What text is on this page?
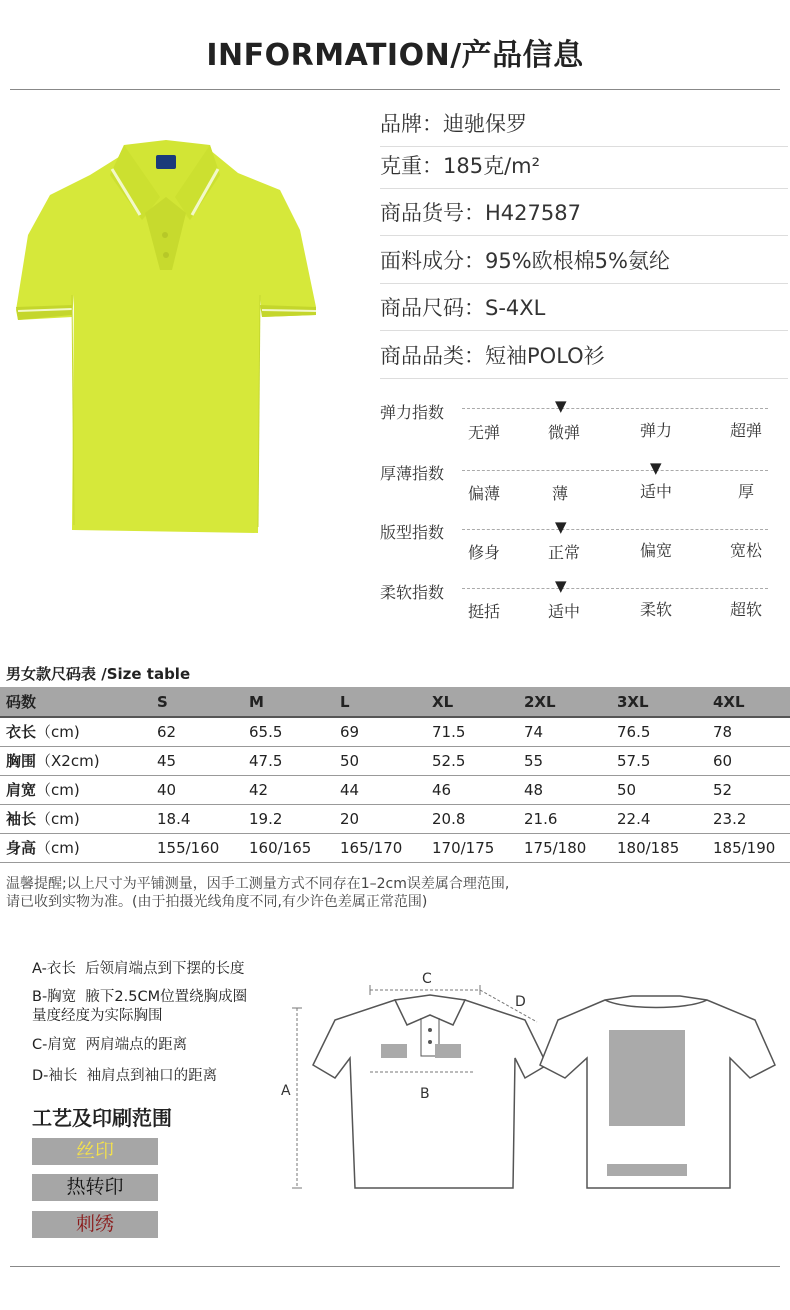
INFORMATION/产品信息
品牌：迪驰保罗
克重：185克/m²
商品货号：H427587
面料成分：95%欧根棉5%氨纶
商品尺码：S-4XL
商品品类：短袖POLO衫
弹力指数	▼
无弹	微弹	弹力	超弹
厚薄指数	▼
偏薄	薄	适中	厚
版型指数	▼
修身	正常	偏宽	宽松
柔软指数	▼
挺括	适中	柔软	超软
男女款尺码表 /Size table
码数	S	M	L	XL	2XL	3XL	4XL
衣长（cm)	62	65.5	69	71.5	74	76.5	78
胸围（X2cm)	45	47.5	50	52.5	55	57.5	60
肩宽（cm)	40	42	44	46	48	50	52
袖长（cm)	18.4	19.2	20	20.8	21.6	22.4	23.2
身高（cm)	155/160	160/165	165/170	170/175	175/180	180/185	185/190
温馨提醒;以上尺寸为平铺测量，因手工测量方式不同存在1–2cm误差属合理范围,
请已收到实物为准。(由于拍摄光线角度不同,有少许色差属正常范围)
A-衣长 后领肩端点到下摆的长度
B-胸宽 腋下2.5CM位置绕胸成圈
量度经度为实际胸围
C-肩宽 两肩端点的距离
D-袖长 袖肩点到袖口的距离
工艺及印刷范围
丝印
热转印
刺绣
C
D
B
A
